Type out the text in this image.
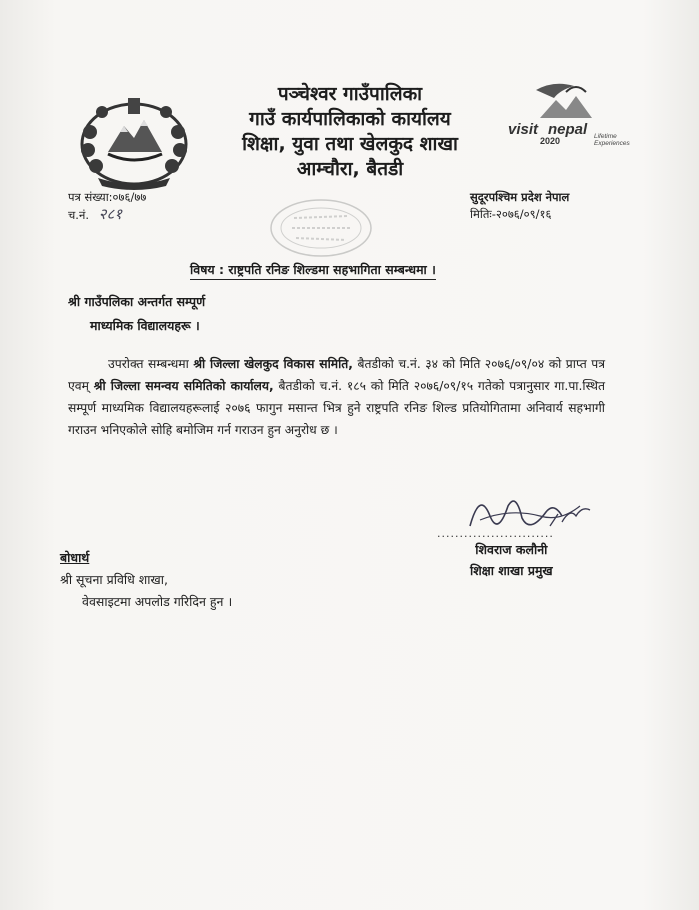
पञ्चेश्वर गाउँपालिका
गाउँ कार्यपालिकाको कार्यालय
शिक्षा, युवा तथा खेलकुद शाखा
आम्चौरा, बैतडी
visit nepal
2020	Lifetime
Experiences
पत्र संख्या:०७६/७७
च.नं. २८१
सुदूरपश्चिम प्रदेश नेपाल
मितिः-२०७६/०९/१६
विषय : राष्ट्रपति रनिङ शिल्डमा सहभागिता सम्बन्धमा ।
श्री गाउँपलिका अन्तर्गत सम्पूर्ण
माध्यमिक विद्यालयहरू ।

उपरोक्त सम्बन्धमा श्री जिल्ला खेलकुद विकास समिति, बैतडीको च.नं. ३४ को मिति २०७६/०९/०४ को प्राप्त पत्र एवम् श्री जिल्ला समन्वय समितिको कार्यालय, बैतडीको च.नं. १८५ को मिति २०७६/०९/१५ गतेको पत्रानुसार गा.पा.स्थित सम्पूर्ण माध्यमिक विद्यालयहरूलाई २०७६ फागुन मसान्त भित्र हुने राष्ट्रपति रनिङ शिल्ड प्रतियोगितामा अनिवार्य सहभागी गराउन भनिएकोले सोहि बमोजिम गर्न गराउन हुन अनुरोध छ ।

..........................
शिवराज कलौनी
शिक्षा शाखा प्रमुख
बोधार्थ
श्री सूचना प्रविधि शाखा,
वेवसाइटमा अपलोड गरिदिन हुन ।
